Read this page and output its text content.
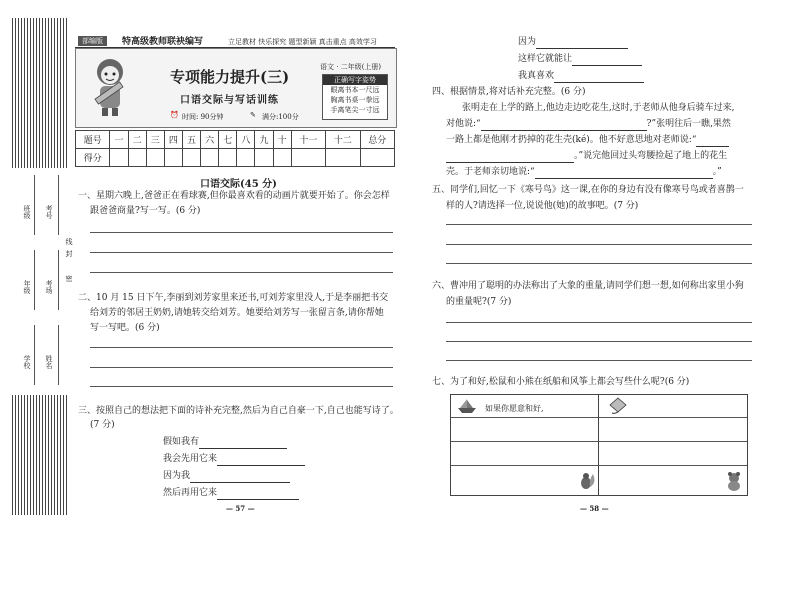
班级 考号
年级 考场
密
封
线
学校 姓名
部编版	特高级教师联袂编写	立足教材 快乐探究 题型新颖 真击重点 高效学习
专项能力提升(三)
口语交际与写话训练
语文 · 二年级(上册)
正确写字姿势
眼离书本一尺远
胸离书桌一拳远
手离笔尖一寸远
⏰ 时间: 90分钟	✎ 满分:100分
题号	一	二	三	四	五	六	七	八	九	十	十一	十二	总分
得分													
口语交际(45 分)
一、星期六晚上,爸爸正在看球赛,但你最喜欢看的动画片就要开始了。你会怎样
跟爸爸商量?写一写。(6 分)
二、10 月 15 日下午,李丽到刘芳家里来还书,可刘芳家里没人,于是李丽把书交
给刘芳的邻居王奶奶,请她转交给刘芳。她要给刘芳写一张留言条,请你帮她
写一写吧。(6 分)
三、按照自己的想法把下面的诗补充完整,然后为自己自豪一下,自己也能写诗了。
(7 分)
假如我有
我会先用它来
因为我
然后再用它来
— 57 —
因为
这样它就能让
我真喜欢
四、根据情景,将对话补充完整。(6 分)
张明走在上学的路上,他边走边吃花生,这时,于老师从他身后骑车过来,
对他说:“	?”张明往后一瞧,果然
一路上都是他刚才扔掉的花生壳(ké)。他不好意思地对老师说:“
。”说完他回过头弯腰捡起了地上的花生
壳。于老师亲切地说:“	。”
五、同学们,回忆一下《寒号鸟》这一课,在你的身边有没有像寒号鸟或者喜鹊一
样的人?请选择一位,说说他(她)的故事吧。(7 分)
六、曹冲用了聪明的办法称出了大象的重量,请同学们想一想,如何称出家里小狗
的重量呢?(7 分)
七、为了和好,松鼠和小熊在纸船和风筝上都会写些什么呢?(6 分)
如果你愿意和好,
— 58 —
